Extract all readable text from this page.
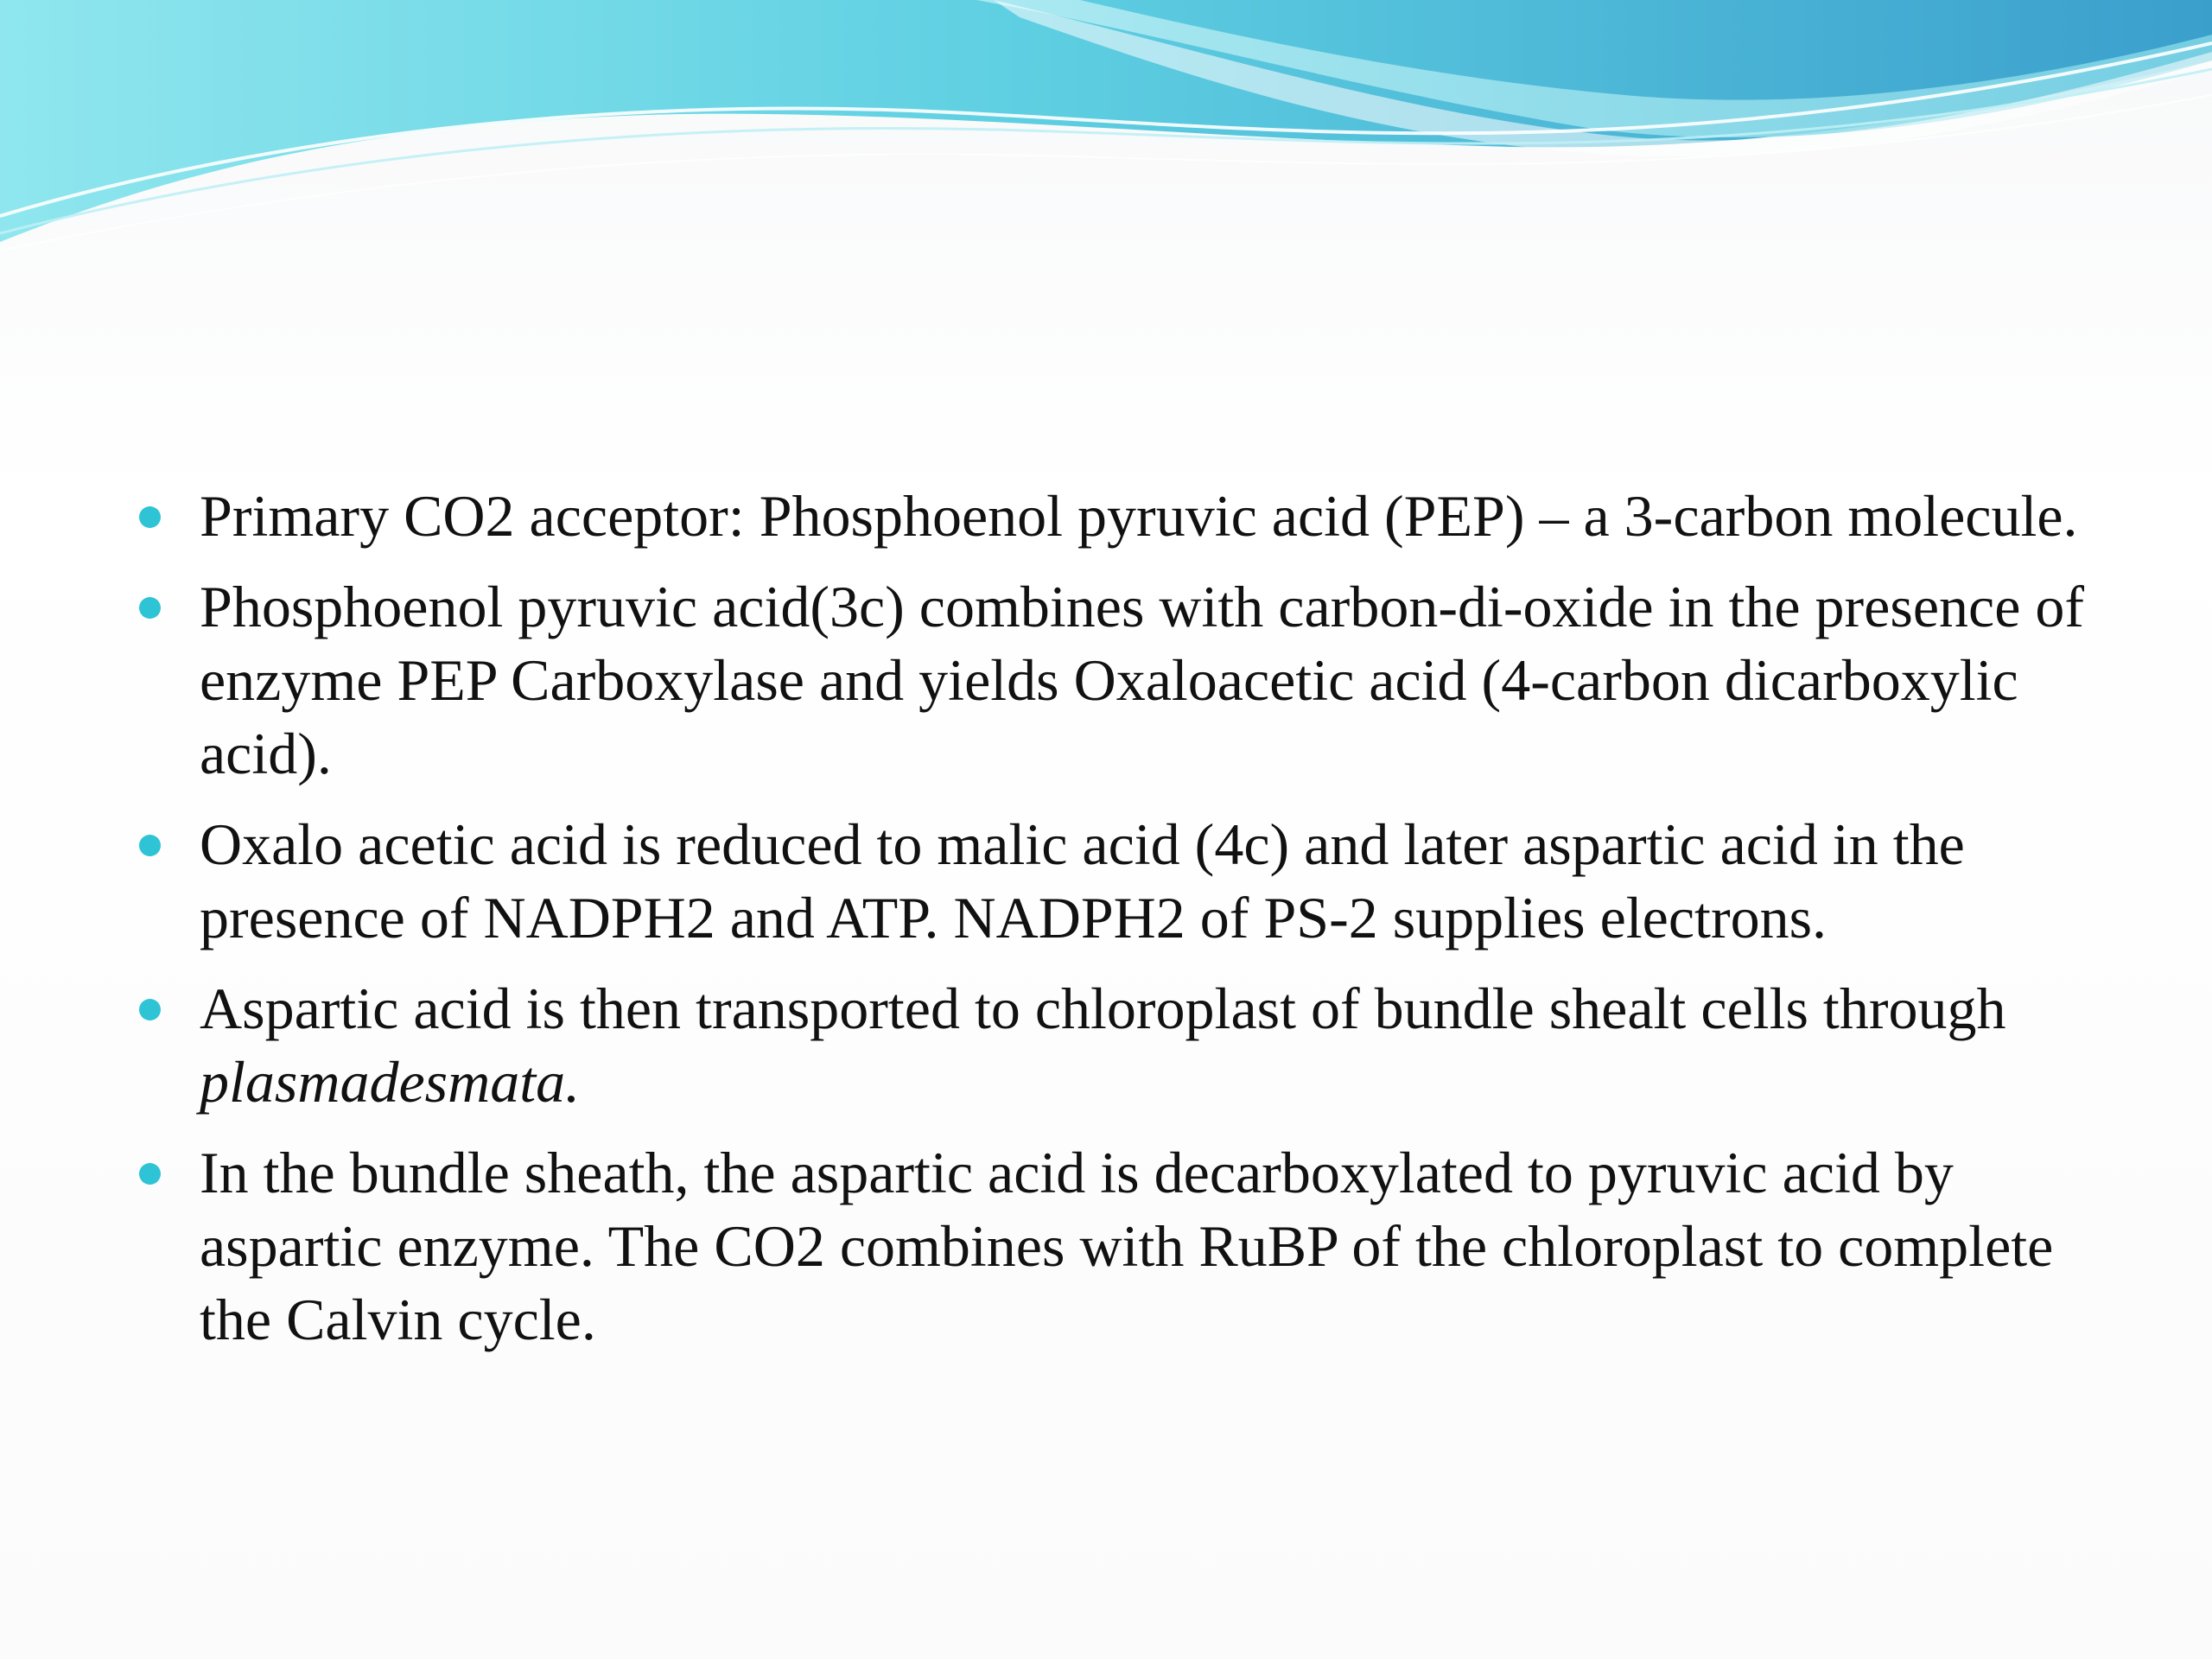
Primary CO2 acceptor: Phosphoenol pyruvic acid (PEP) – a 3-carbon molecule.
Phosphoenol pyruvic acid(3c) combines with carbon-di-oxide in the presence of enzyme PEP Carboxylase and yields Oxaloacetic acid (4-carbon dicarboxylic acid).
Oxalo acetic acid is reduced to malic acid (4c) and later aspartic acid in the presence of NADPH2 and ATP. NADPH2 of PS-2 supplies electrons.
Aspartic acid is then transported to chloroplast of bundle shealt cells through plasmadesmata.
In the bundle sheath, the aspartic acid is decarboxylated to pyruvic acid by aspartic enzyme. The CO2 combines with RuBP of the chloroplast to complete the Calvin cycle.
